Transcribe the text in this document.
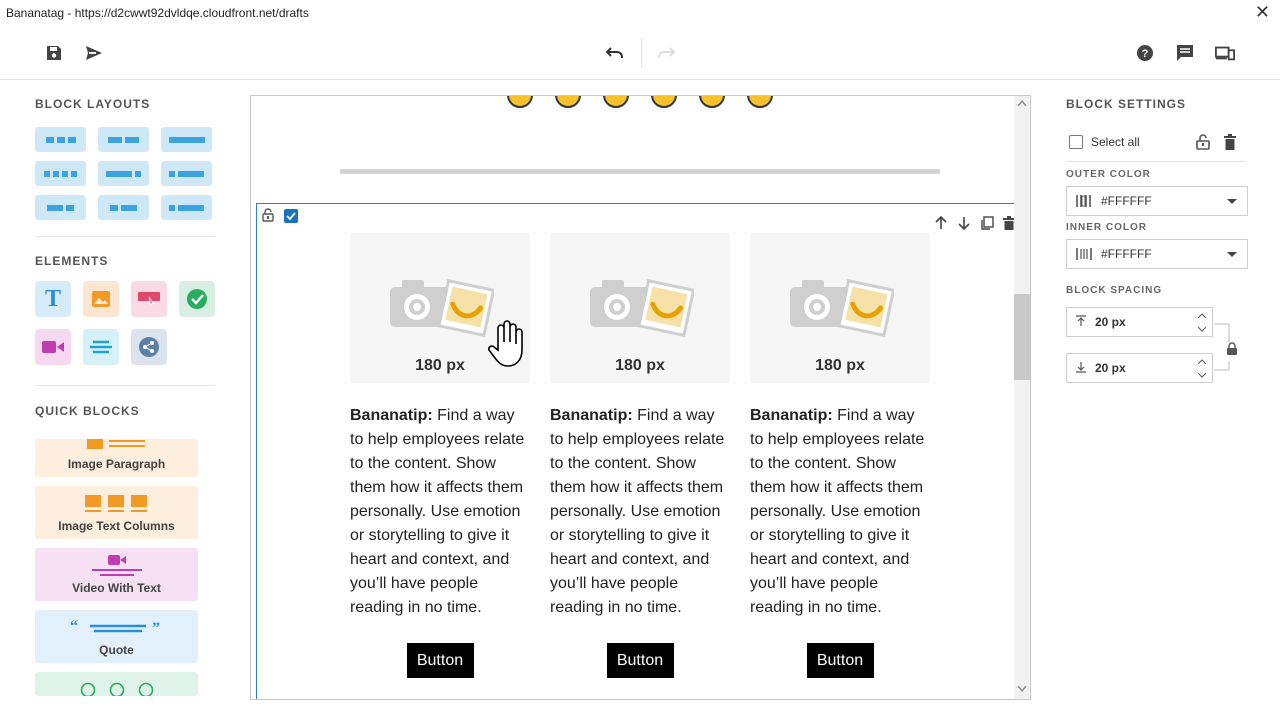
Bananatag - https://d2cwwt92dvldqe.cloudfront.net/drafts	✕
?
BLOCK LAYOUTS
ELEMENTS
T
QUICK BLOCKS
Image Paragraph
Image Text Columns
Video With Text
“	”
Quote
180 px

Bananatip: Find a way to help employees relate to the content. Show them how it affects them personally. Use emotion or storytelling to give it heart and context, and you’ll have people reading in no time.

Button
180 px

Bananatip: Find a way to help employees relate to the content. Show them how it affects them personally. Use emotion or storytelling to give it heart and context, and you’ll have people reading in no time.

Button
180 px

Bananatip: Find a way to help employees relate to the content. Show them how it affects them personally. Use emotion or storytelling to give it heart and context, and you’ll have people reading in no time.

Button
BLOCK SETTINGS
Select all
OUTER COLOR
#FFFFFF
INNER COLOR
#FFFFFF
BLOCK SPACING
20 px
20 px
